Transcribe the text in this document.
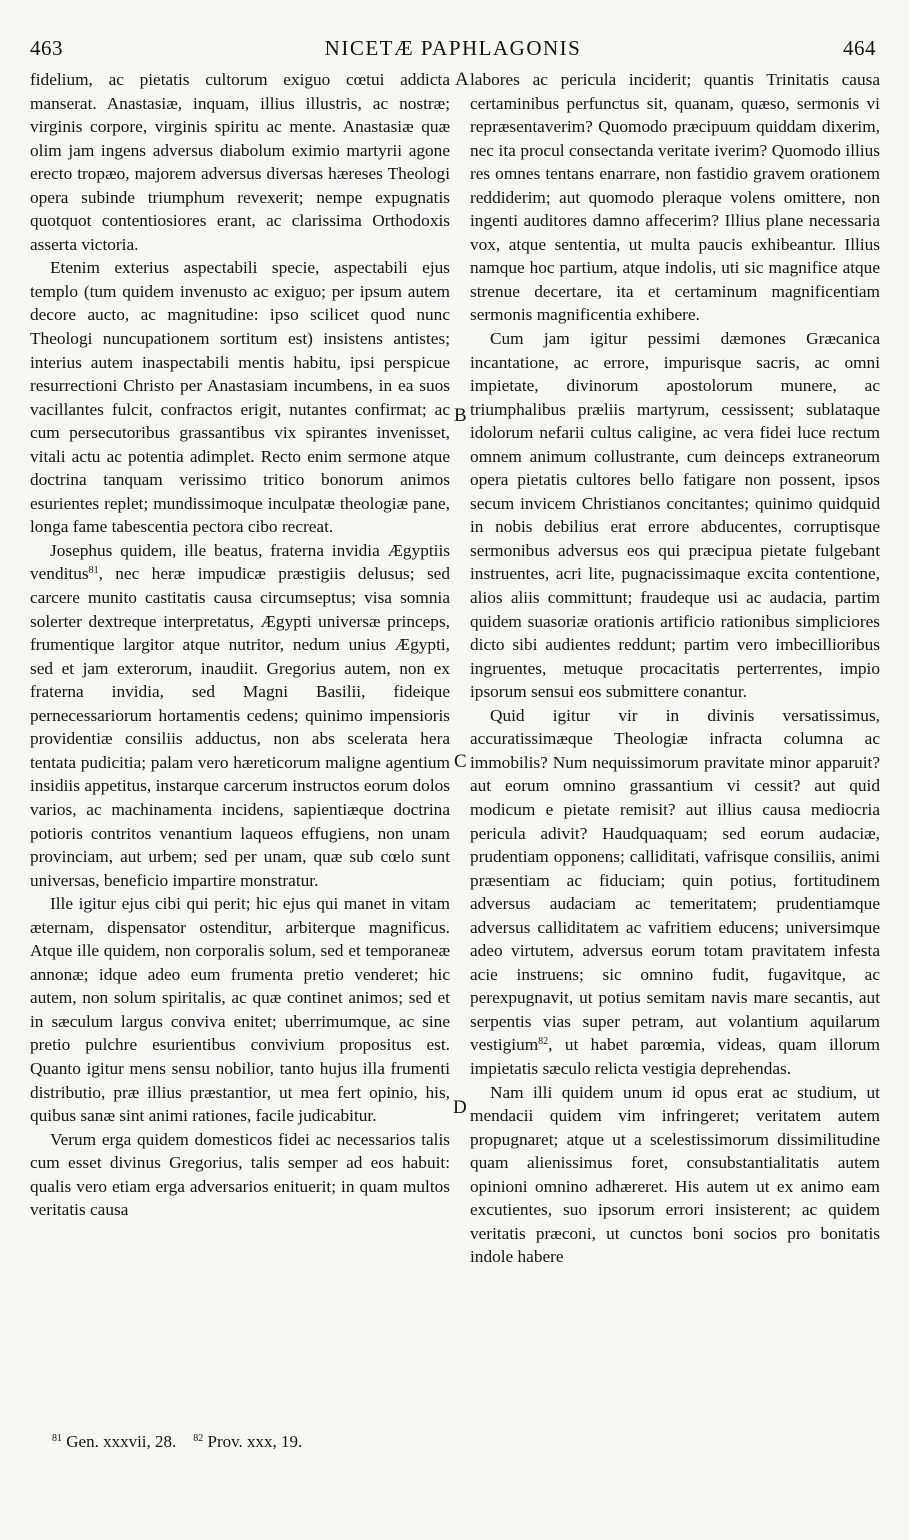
463	NICETÆ PAPHLAGONIS	464

fidelium, ac pietatis cultorum exiguo cœtui addicta manserat. Anastasiæ, inquam, illius illustris, ac nostræ; virginis corpore, virginis spiritu ac mente. Anastasiæ quæ olim jam ingens adversus diabolum eximio martyrii agone erecto tropæo, majorem adversus diversas hæreses Theologi opera subinde triumphum revexerit; nempe expugnatis quotquot contentiosiores erant, ac clarissima Orthodoxis asserta victoria.

Etenim exterius aspectabili specie, aspectabili ejus templo (tum quidem invenusto ac exiguo; per ipsum autem decore aucto, ac magnitudine: ipso scilicet quod nunc Theologi nuncupationem sortitum est) insistens antistes; interius autem inaspectabili mentis habitu, ipsi perspicue resurrectioni Christo per Anastasiam incumbens, in ea suos vacillantes fulcit, confractos erigit, nutantes confirmat; ac cum persecutoribus grassantibus vix spirantes invenisset, vitali actu ac potentia adimplet. Recto enim sermone atque doctrina tanquam verissimo tritico bonorum animos esurientes replet; mundissimoque inculpatæ theologiæ pane, longa fame tabescentia pectora cibo recreat.

Josephus quidem, ille beatus, fraterna invidia Ægyptiis venditus$^{81}$, nec heræ impudicæ præstigiis delusus; sed carcere munito castitatis causa circumseptus; visa somnia solerter dextreque interpretatus, Ægypti universæ princeps, frumentique largitor atque nutritor, nedum unius Ægypti, sed et jam exterorum, inaudiit. Gregorius autem, non ex fraterna invidia, sed Magni Basilii, fideique pernecessariorum hortamentis cedens; quinimo impensioris providentiæ consiliis adductus, non abs scelerata hera tentata pudicitia; palam vero hæreticorum maligne agentium insidiis appetitus, instarque carcerum instructos eorum dolos varios, ac machinamenta incidens, sapientiæque doctrina potioris contritos venantium laqueos effugiens, non unam provinciam, aut urbem; sed per unam, quæ sub cœlo sunt universas, beneficio impartire monstratur.

Ille igitur ejus cibi qui perit; hic ejus qui manet in vitam æternam, dispensator ostenditur, arbiterque magnificus. Atque ille quidem, non corporalis solum, sed et temporaneæ annonæ; idque adeo eum frumenta pretio venderet; hic autem, non solum spiritalis, ac quæ continet animos; sed et in sæculum largus conviva enitet; uberrimumque, ac sine pretio pulchre esurientibus convivium propositus est. Quanto igitur mens sensu nobilior, tanto hujus illa frumenti distributio, præ illius præstantior, ut mea fert opinio, his, quibus sanæ sint animi rationes, facile judicabitur.

Verum erga quidem domesticos fidei ac necessarios talis cum esset divinus Gregorius, talis semper ad eos habuit: qualis vero etiam erga adversarios enituerit; in quam multos veritatis causa

labores ac pericula inciderit; quantis Trinitatis causa certaminibus perfunctus sit, quanam, quæso, sermonis vi repræsentaverim? Quomodo præcipuum quiddam dixerim, nec ita procul consectanda veritate iverim? Quomodo illius res omnes tentans enarrare, non fastidio gravem orationem reddiderim; aut quomodo pleraque volens omittere, non ingenti auditores damno affecerim? Illius plane necessaria vox, atque sententia, ut multa paucis exhibeantur. Illius namque hoc partium, atque indolis, uti sic magnifice atque strenue decertare, ita et certaminum magnificentiam sermonis magnificentia exhibere.

Cum jam igitur pessimi dæmones Græcanica incantatione, ac errore, impurisque sacris, ac omni impietate, divinorum apostolorum munere, ac triumphalibus præliis martyrum, cessissent; sublataque idolorum nefarii cultus caligine, ac vera fidei luce rectum omnem animum collustrante, cum deinceps extraneorum opera pietatis cultores bello fatigare non possent, ipsos secum invicem Christianos concitantes; quinimo quidquid in nobis debilius erat errore abducentes, corruptisque sermonibus adversus eos qui præcipua pietate fulgebant instruentes, acri lite, pugnacissimaque excita contentione, alios aliis committunt; fraudeque usi ac audacia, partim quidem suasoriæ orationis artificio rationibus simpliciores dicto sibi audientes reddunt; partim vero imbecillioribus ingruentes, metuque procacitatis perterrentes, impio ipsorum sensui eos submittere conantur.

Quid igitur vir in divinis versatissimus, accuratissimæque Theologiæ infracta columna ac immobilis? Num nequissimorum pravitate minor apparuit? aut eorum omnino grassantium vi cessit? aut quid modicum e pietate remisit? aut illius causa mediocria pericula adivit? Haudquaquam; sed eorum audaciæ, prudentiam opponens; calliditati, vafrisque consiliis, animi præsentiam ac fiduciam; quin potius, fortitudinem adversus audaciam ac temeritatem; prudentiamque adversus calliditatem ac vafritiem educens; universimque adeo virtutem, adversus eorum totam pravitatem infesta acie instruens; sic omnino fudit, fugavitque, ac perexpugnavit, ut potius semitam navis mare secantis, aut serpentis vias super petram, aut volantium aquilarum vestigium$^{82}$, ut habet parœmia, videas, quam illorum impietatis sæculo relicta vestigia deprehendas.

Nam illi quidem unum id opus erat ac studium, ut mendacii quidem vim infringeret; veritatem autem propugnaret; atque ut a scelestissimorum dissimilitudine quam alienissimus foret, consubstantialitatis autem opinioni omnino adhæreret. His autem ut ex animo eam excutientes, suo ipsorum errori insisterent; ac quidem veritatis præconi, ut cunctos boni socios pro bonitatis indole habere

A
B
C
D
$^{81}$ Gen. xxxvii, 28. $^{82}$ Prov. xxx, 19.
